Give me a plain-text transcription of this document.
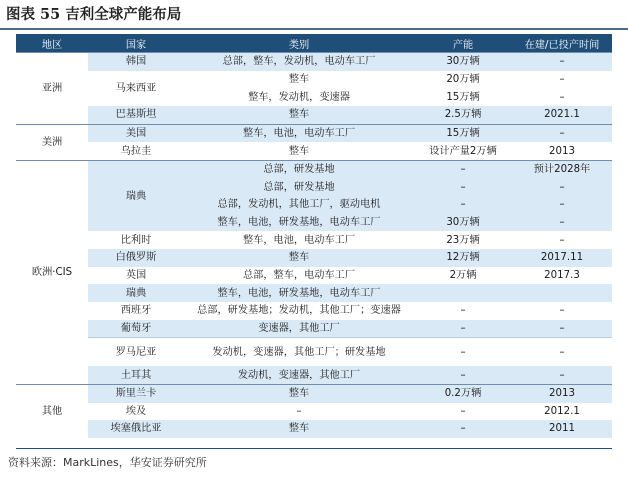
图表 55 吉利全球产能布局
地区	国家	类别	产能	在建/已投产时间
亚洲	韩国	总部，整车，发动机，电动车工厂	30万辆	–
	马来西亚	整车	20万辆	–
		整车，发动机，变速器	15万辆	–
	巴基斯坦	整车	2.5万辆	2021.1
美洲	美国	整车，电池，电动车工厂	15万辆	–
	乌拉圭	整车	设计产量2万辆	2013
欧洲·CIS	瑞典	总部，研发基地	–	预计2028年
		总部，研发基地	–	–
		总部，发动机，其他工厂，驱动电机	–	–
		整车，电池，研发基地，电动车工厂	30万辆	–
	比利时	整车，电池，电动车工厂	23万辆	–
	白俄罗斯	整车	12万辆	2017.11
	英国	总部，整车，电动车工厂	2万辆	2017.3
	瑞典	整车，电池，研发基地，电动车工厂		
	西班牙	总部，研发基地；发动机，其他工厂；变速器	–	–
	葡萄牙	变速器，其他工厂	–	–
	罗马尼亚	发动机，变速器，其他工厂；研发基地	–	–
	土耳其	发动机，变速器，其他工厂	–	–
其他	斯里兰卡	整车	0.2万辆	2013
	埃及	–	–	2012.1
	埃塞俄比亚	整车	–	2011
资料来源：MarkLines，华安证券研究所
